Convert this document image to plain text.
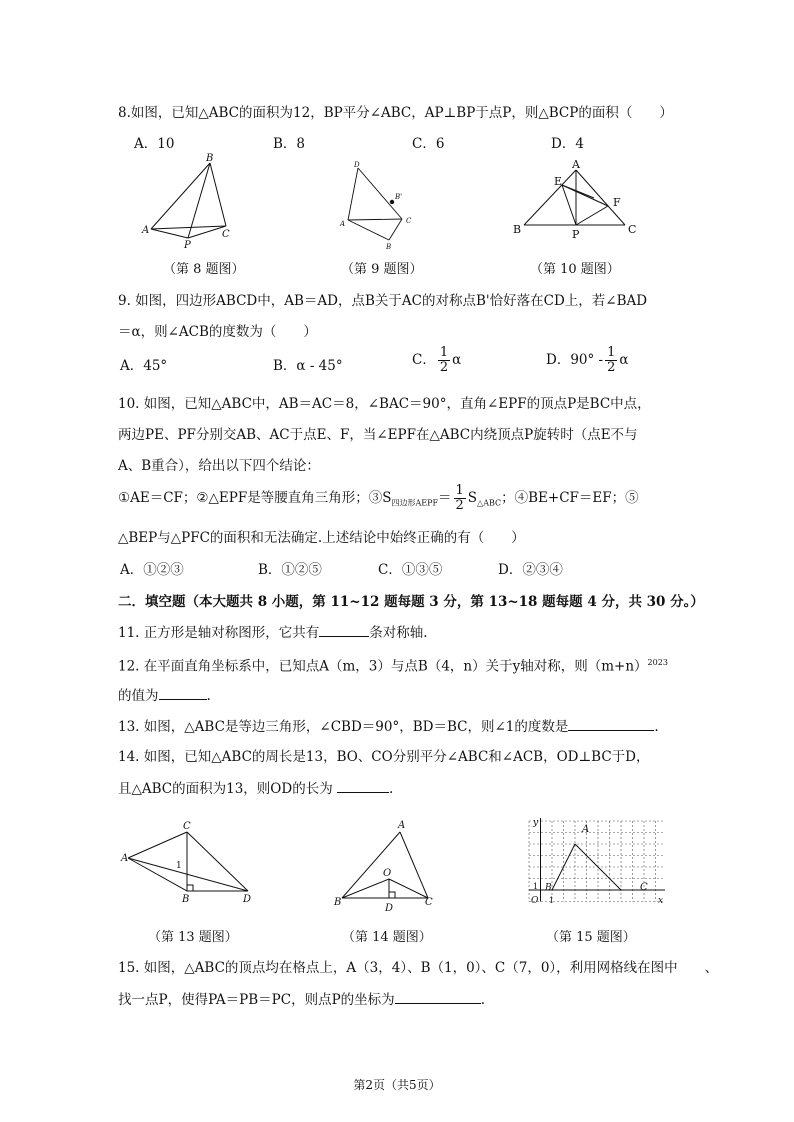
8.如图，已知△ABC的面积为12，BP平分∠ABC，AP⊥BP于点P，则△BCP的面积（　　）
A．10	B．8	C．6	D．4
B
A
P
C
D
B'
A	C
B
A
E
F
B	P	C
（第 8 题图）	（第 9 题图）	（第 10 题图）
9. 如图，四边形ABCD中，AB＝AD，点B关于AC的对称点B'恰好落在CD上，若∠BAD
＝α，则∠ACB的度数为（　　）
A．45°	B．α - 45°	C． $\frac{1}{2}$ α	D．$90^\circ - \frac{1}{2}$ α
10. 如图，已知△ABC中，AB＝AC＝8，∠BAC＝90°，直角∠EPF的顶点P是BC中点，
两边PE、PF分别交AB、AC于点E、F，当∠EPF在△ABC内绕顶点P旋转时（点E不与
A、B重合），给出以下四个结论：
①AE＝CF；②△EPF是等腰直角三角形；$③S_{四边形AEPF}= \frac{1}{2} S_{\triangle ABC}$；④BE+CF＝EF；⑤
△BEP与△PFC的面积和无法确定.上述结论中始终正确的有（　　）
A．①②③	B．①②⑤	C．①③⑤	D．②③④
二．填空题（本大题共 8 小题，第 11~12 题每题 3 分，第 13~18 题每题 4 分，共 30 分。）
11. 正方形是轴对称图形，它共有	条对称轴.
12. 在平面直角坐标系中，已知点A（m，3）与点B（4，n）关于y轴对称，则$(m+n)^{2023}$
的值为	.
13. 如图，△ABC是等边三角形，∠CBD＝90°，BD＝BC，则∠1的度数是	.
14. 如图，已知△ABC的周长是13，BO、CO分别平分∠ABC和∠ACB，OD⊥BC于D，
且△ABC的面积为13，则OD的长为	.
C
A
1
B	D
A
O
B
D
C
y
A
B	C
O
1
1	x
（第 13 题图）	（第 14 题图）	（第 15 题图）
15. 如图，△ABC的顶点均在格点上，A（3，4）、B（1，0）、C（7，0），利用网格线在图中　　、
找一点P，使得PA＝PB＝PC，则点P的坐标为	.
第2页（共5页）
